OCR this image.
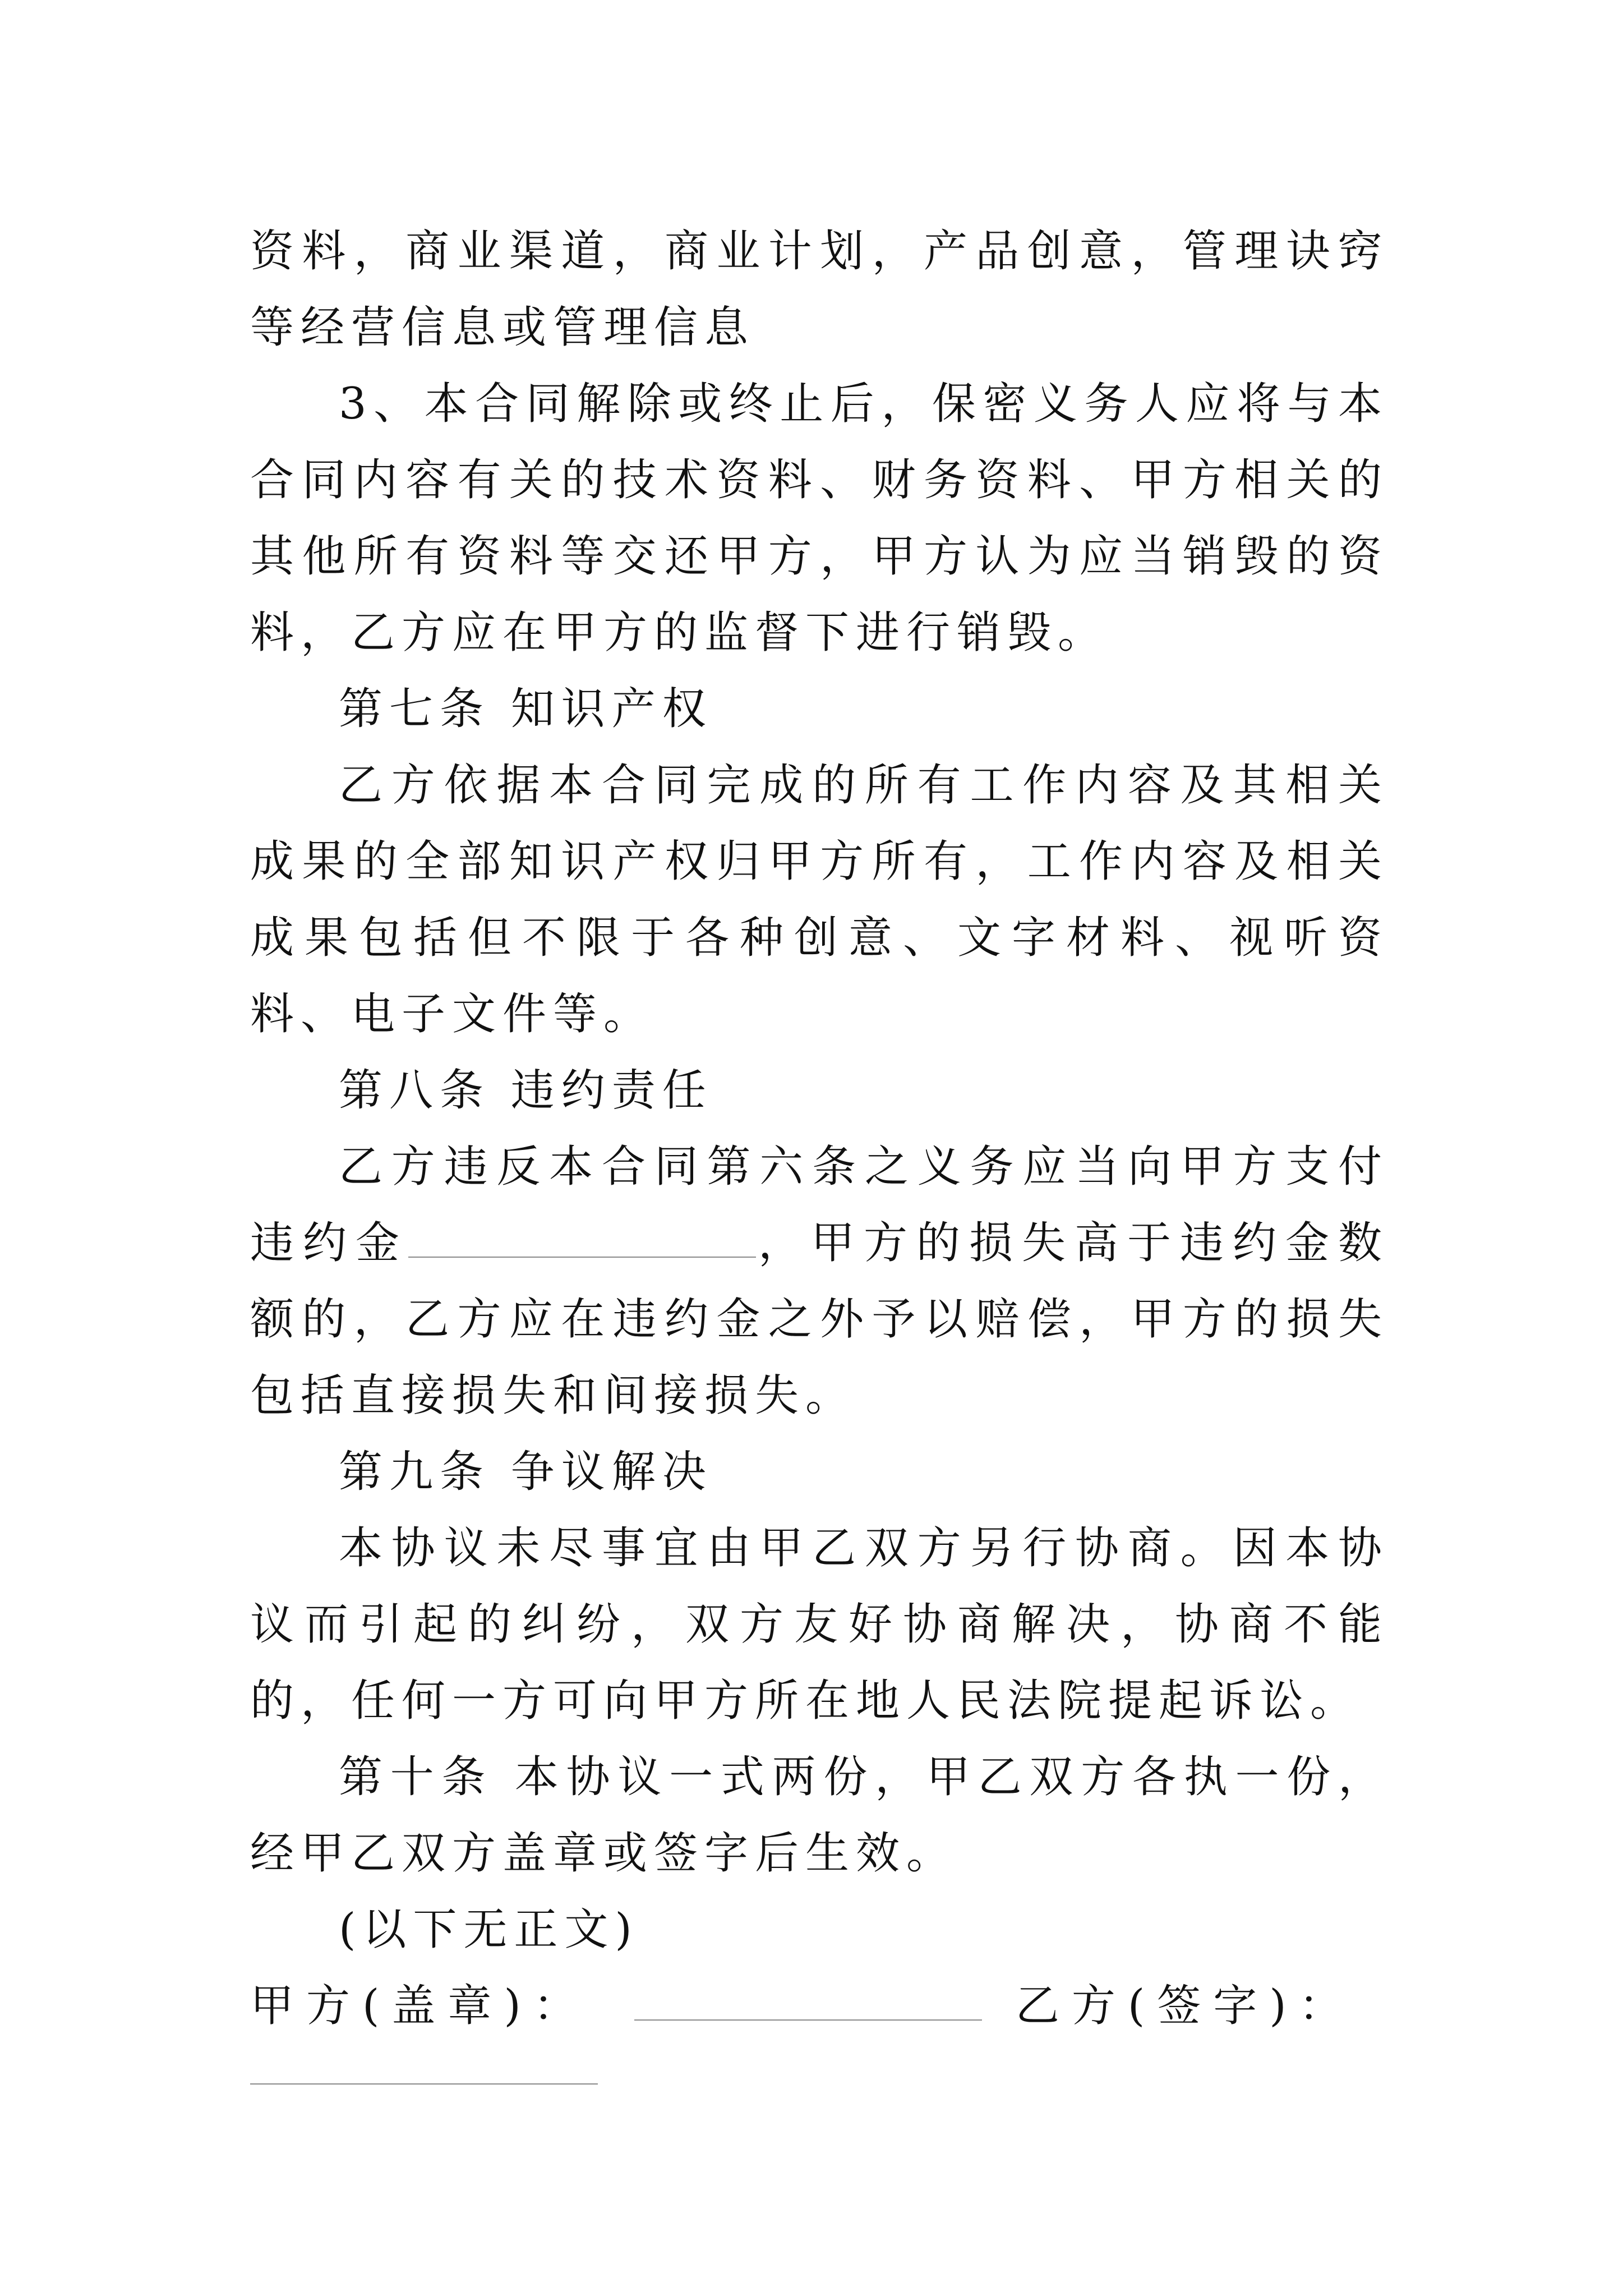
资料，商业渠道，商业计划，产品创意，管理诀窍等经营信息或管理信息

3、本合同解除或终止后，保密义务人应将与本合同内容有关的技术资料、财务资料、甲方相关的其他所有资料等交还甲方，甲方认为应当销毁的资料，乙方应在甲方的监督下进行销毁。

第七条 知识产权

乙方依据本合同完成的所有工作内容及其相关成果的全部知识产权归甲方所有，工作内容及相关成果包括但不限于各种创意、文字材料、视听资料、电子文件等。

第八条 违约责任

乙方违反本合同第六条之义务应当向甲方支付违约金	，甲方的损失高于违约金数额的，乙方应在违约金之外予以赔偿，甲方的损失包括直接损失和间接损失。

第九条 争议解决

本协议未尽事宜由甲乙双方另行协商。因本协议而引起的纠纷，双方友好协商解决，协商不能的，任何一方可向甲方所在地人民法院提起诉讼。

第十条 本协议一式两份，甲乙双方各执一份，经甲乙双方盖章或签字后生效。

(以下无正文)

甲方(盖章)：	乙方(签字)：
